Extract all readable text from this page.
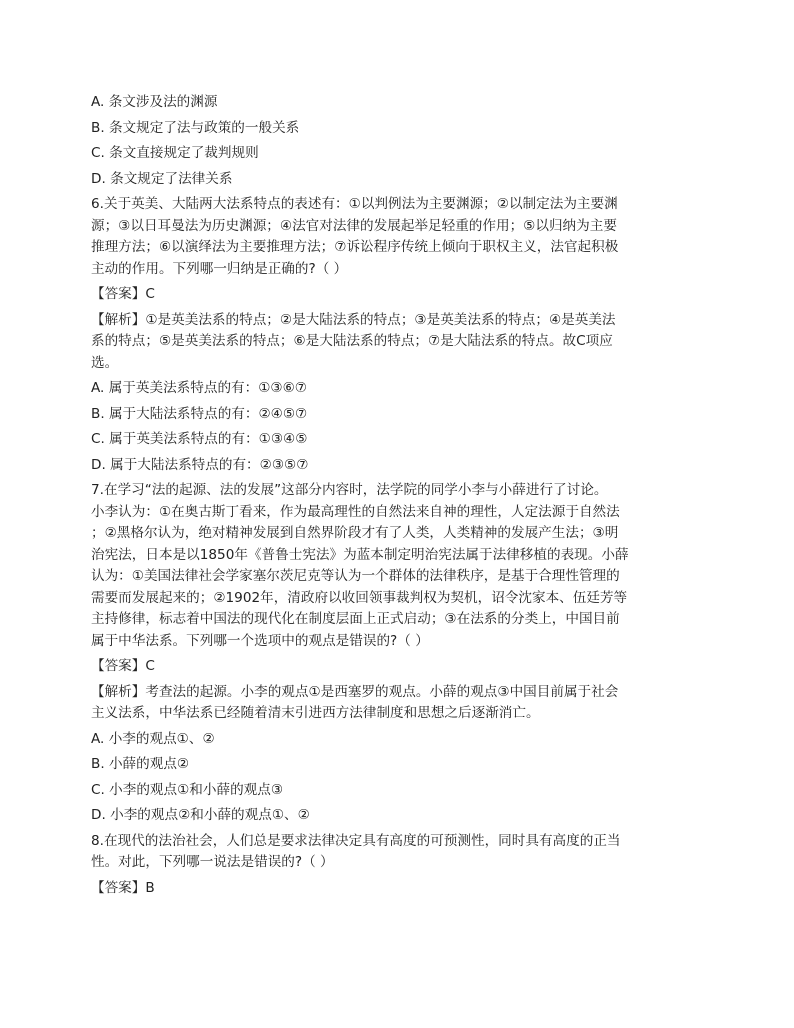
A. 条文涉及法的渊源

B. 条文规定了法与政策的一般关系

C. 条文直接规定了裁判规则

D. 条文规定了法律关系

6.关于英美、大陆两大法系特点的表述有：①以判例法为主要渊源；②以制定法为主要渊

源；③以日耳曼法为历史渊源；④法官对法律的发展起举足轻重的作用；⑤以归纳为主要

推理方法；⑥以演绎法为主要推理方法；⑦诉讼程序传统上倾向于职权主义，法官起积极

主动的作用。下列哪一归纳是正确的?（ ）

【答案】C

【解析】①是英美法系的特点；②是大陆法系的特点；③是英美法系的特点；④是英美法

系的特点；⑤是英美法系的特点；⑥是大陆法系的特点；⑦是大陆法系的特点。故C项应

选。

A. 属于英美法系特点的有：①③⑥⑦

B. 属于大陆法系特点的有：②④⑤⑦

C. 属于英美法系特点的有：①③④⑤

D. 属于大陆法系特点的有：②③⑤⑦

7.在学习“法的起源、法的发展”这部分内容时，法学院的同学小李与小薛进行了讨论。

小李认为：①在奥古斯丁看来，作为最高理性的自然法来自神的理性，人定法源于自然法

；②黑格尔认为，绝对精神发展到自然界阶段才有了人类，人类精神的发展产生法；③明

治宪法，日本是以1850年《普鲁士宪法》为蓝本制定明治宪法属于法律移植的表现。小薛

认为：①美国法律社会学家塞尔茨尼克等认为一个群体的法律秩序，是基于合理性管理的

需要而发展起来的；②1902年，清政府以收回领事裁判权为契机，诏令沈家本、伍廷芳等

主持修律，标志着中国法的现代化在制度层面上正式启动；③在法系的分类上，中国目前

属于中华法系。下列哪一个选项中的观点是错误的?（ ）

【答案】C

【解析】考查法的起源。小李的观点①是西塞罗的观点。小薛的观点③中国目前属于社会

主义法系，中华法系已经随着清末引进西方法律制度和思想之后逐渐消亡。

A. 小李的观点①、②

B. 小薛的观点②

C. 小李的观点①和小薛的观点③

D. 小李的观点②和小薛的观点①、②

8.在现代的法治社会，人们总是要求法律决定具有高度的可预测性，同时具有高度的正当

性。对此，下列哪一说法是错误的?（ ）

【答案】B
